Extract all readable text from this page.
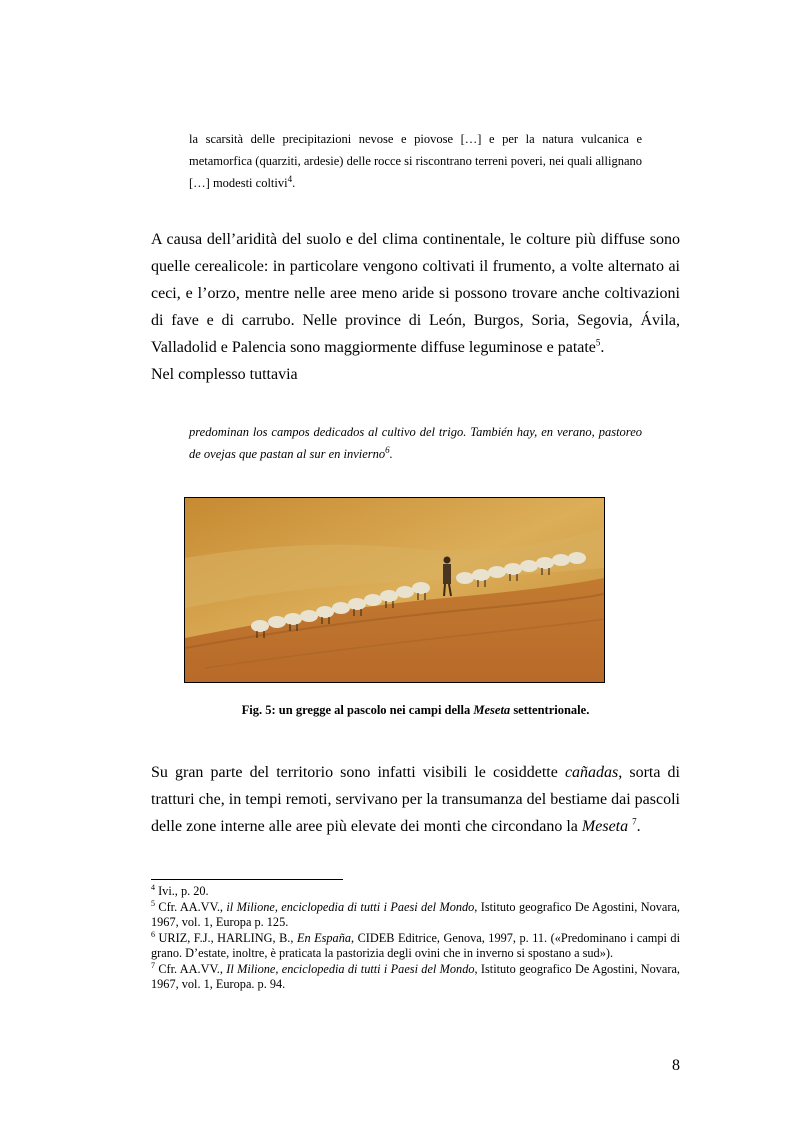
la scarsità delle precipitazioni nevose e piovose […] e per la natura vulcanica e metamorfica (quarziti, ardesie) delle rocce si riscontrano terreni poveri, nei quali allignano […] modesti coltivi$^4$.
A causa dell’aridità del suolo e del clima continentale, le colture più diffuse sono quelle cerealicole: in particolare vengono coltivati il frumento, a volte alternato ai ceci, e l’orzo, mentre nelle aree meno aride si possono trovare anche coltivazioni di fave e di carrubo. Nelle province di León, Burgos, Soria, Segovia, Ávila, Valladolid e Palencia sono maggiormente diffuse leguminose e patate$^5$.
Nel complesso tuttavia
predominan los campos dedicados al cultivo del trigo. También hay, en verano, pastoreo de ovejas que pastan al sur en invierno$^6$.
Fig. 5: un gregge al pascolo nei campi della Meseta settentrionale.
Su gran parte del territorio sono infatti visibili le cosiddette cañadas, sorta di tratturi che, in tempi remoti, servivano per la transumanza del bestiame dai pascoli delle zone interne alle aree più elevate dei monti che circondano la Meseta $^7$.

$^4$ Ivi., p. 20.

$^5$ Cfr. AA.VV., il Milione, enciclopedia di tutti i Paesi del Mondo, Istituto geografico De Agostini, Novara, 1967, vol. 1, Europa p. 125.

$^6$ URIZ, F.J., HARLING, B., En España, CIDEB Editrice, Genova, 1997, p. 11. («Predominano i campi di grano. D’estate, inoltre, è praticata la pastorizia degli ovini che in inverno si spostano a sud»).

$^7$ Cfr. AA.VV., Il Milione, enciclopedia di tutti i Paesi del Mondo, Istituto geografico De Agostini, Novara, 1967, vol. 1, Europa. p. 94.

8
